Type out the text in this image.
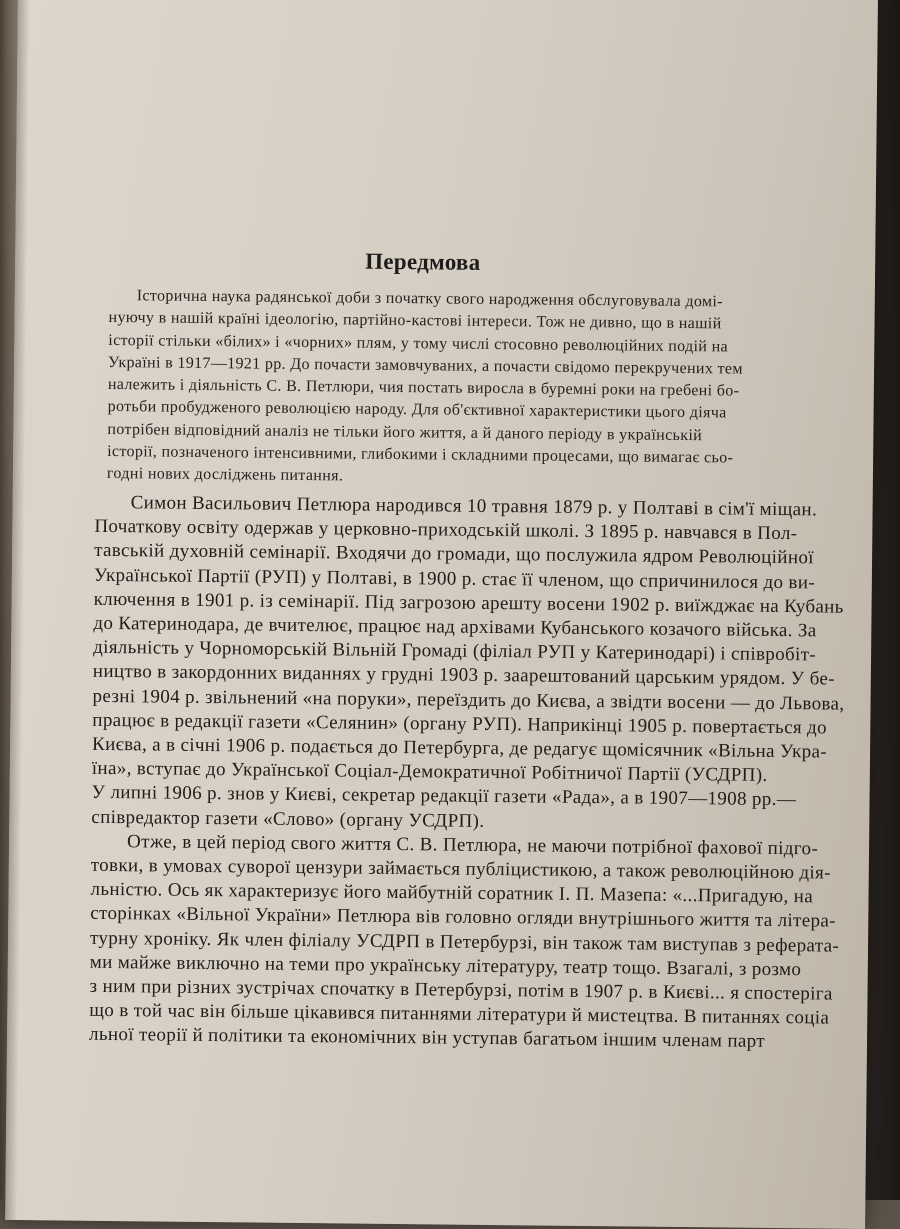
Передмова

Історична наука радянської доби з початку свого народження обслуговувала домі-
нуючу в нашій країні ідеологію, партійно-кастові інтереси. Тож не дивно, що в нашій
історії стільки «білих» і «чорних» плям, у тому числі стосовно революційних подій на
Україні в 1917—1921 рр. До почасти замовчуваних, а почасти свідомо перекручених тем
належить і діяльність С. В. Петлюри, чия постать виросла в буремні роки на гребені бо-
ротьби пробудженого революцією народу. Для об'єктивної характеристики цього діяча
потрібен відповідний аналіз не тільки його життя, а й даного періоду в українській
історії, позначеного інтенсивними, глибокими і складними процесами, що вимагає сьо-
годні нових досліджень питання.

Симон Васильович Петлюра народився 10 травня 1879 р. у Полтаві в сім'ї міщан.
Початкову освіту одержав у церковно-приходській школі. З 1895 р. навчався в Пол-
тавській духовній семінарії. Входячи до громади, що послужила ядром Революційної
Української Партії (РУП) у Полтаві, в 1900 р. стає її членом, що спричинилося до ви-
ключення в 1901 р. із семінарії. Під загрозою арешту восени 1902 р. виїжджає на Кубань
до Катеринодара, де вчителює, працює над архівами Кубанського козачого війська. За
діяльність у Чорноморській Вільній Громаді (філіал РУП у Катеринодарі) і співробіт-
ництво в закордонних виданнях у грудні 1903 р. заарештований царським урядом. У бе-
резні 1904 р. звільнений «на поруки», переїздить до Києва, а звідти восени — до Львова,
працює в редакції газети «Селянин» (органу РУП). Наприкінці 1905 р. повертається до
Києва, а в січні 1906 р. подається до Петербурга, де редагує щомісячник «Вільна Укра-
їна», вступає до Української Соціал-Демократичної Робітничої Партії (УСДРП).
У липні 1906 р. знов у Києві, секретар редакції газети «Рада», а в 1907—1908 рр.—
співредактор газети «Слово» (органу УСДРП).
Отже, в цей період свого життя С. В. Петлюра, не маючи потрібної фахової підго-
товки, в умовах суворої цензури займається публіцистикою, а також революційною дія-
льністю. Ось як характеризує його майбутній соратник І. П. Мазепа: «...Пригадую, на
сторінках «Вільної України» Петлюра вів головно огляди внутрішнього життя та літера-
турну хроніку. Як член філіалу УСДРП в Петербурзі, він також там виступав з реферата-
ми майже виключно на теми про українську літературу, театр тощо. Взагалі, з розмо
з ним при різних зустрічах спочатку в Петербурзі, потім в 1907 р. в Києві... я спостеріга
що в той час він більше цікавився питаннями літератури й мистецтва. В питаннях соціа
льної теорії й політики та економічних він уступав багатьом іншим членам парт

I
